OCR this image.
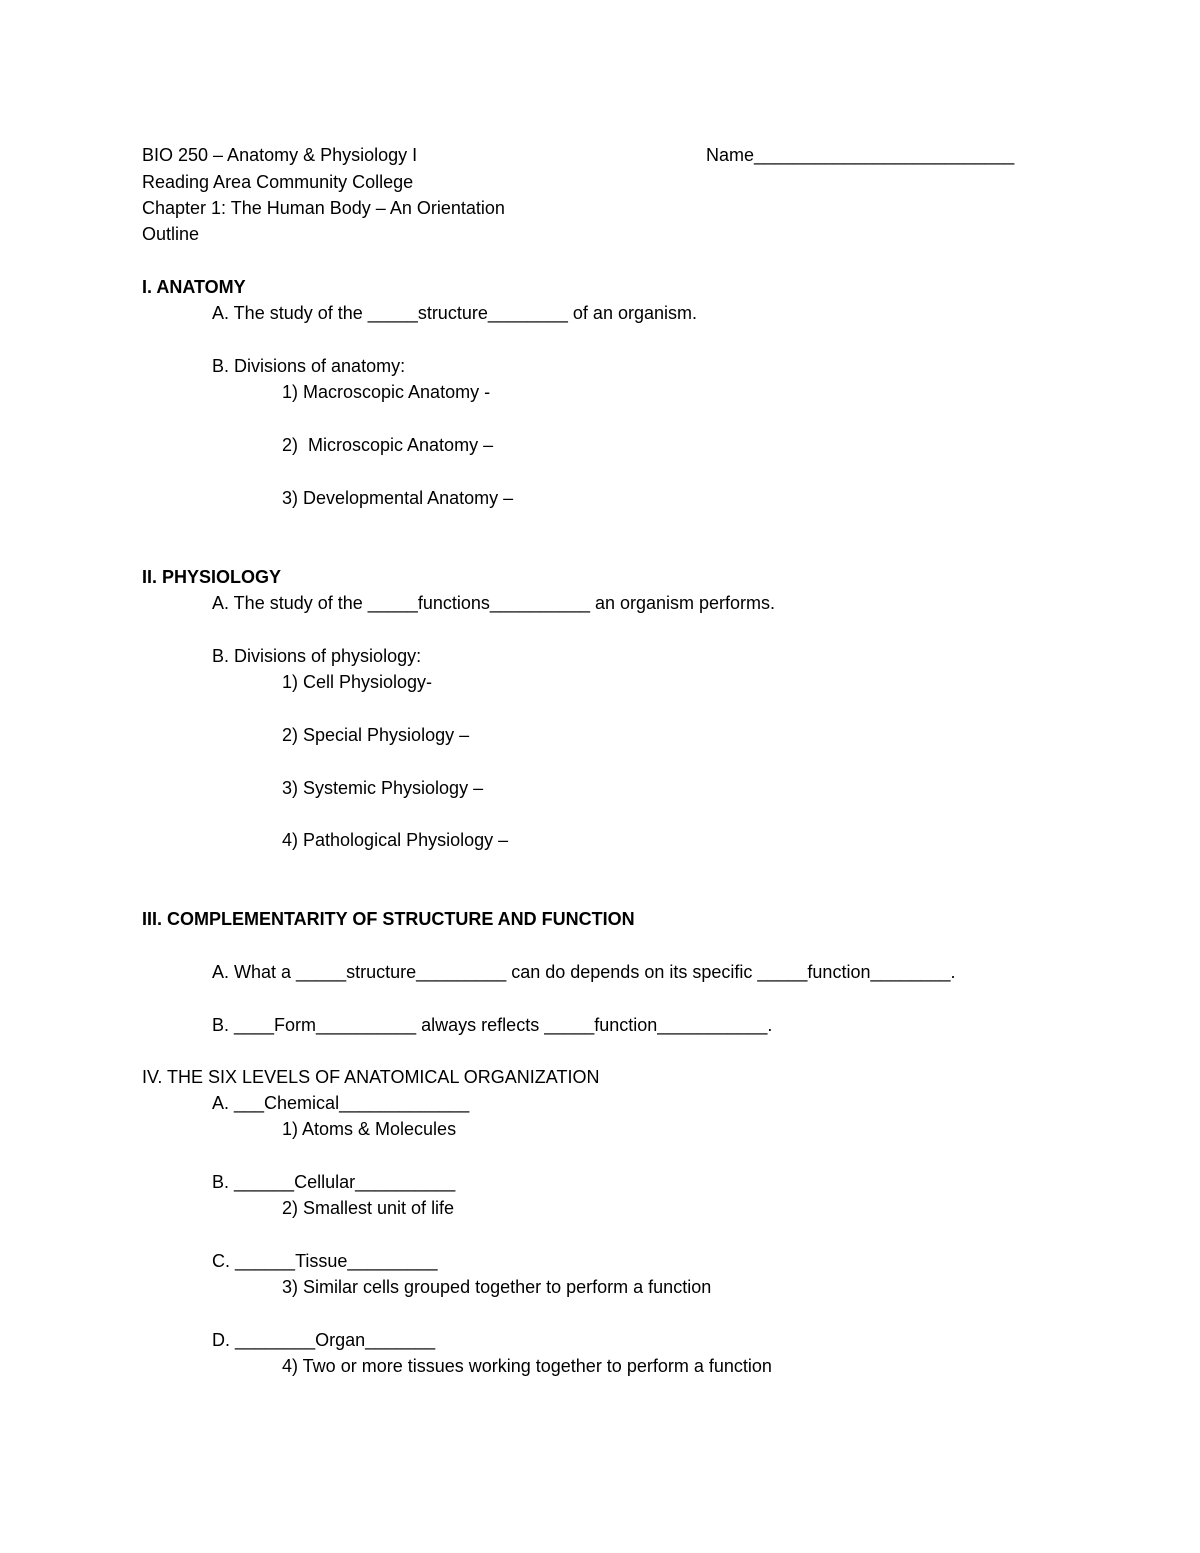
BIO 250 – Anatomy & Physiology I	Name__________________________
Reading Area Community College
Chapter 1: The Human Body – An Orientation
Outline
I. ANATOMY
A. The study of the _____structure________ of an organism.
B. Divisions of anatomy:
1) Macroscopic Anatomy -
2)  Microscopic Anatomy –
3) Developmental Anatomy –
II. PHYSIOLOGY
A. The study of the _____functions__________ an organism performs.
B. Divisions of physiology:
1) Cell Physiology-
2) Special Physiology –
3) Systemic Physiology –
4) Pathological Physiology –
III. COMPLEMENTARITY OF STRUCTURE AND FUNCTION
A. What a _____structure_________ can do depends on its specific _____function________.
B. ____Form__________ always reflects _____function___________.
IV. THE SIX LEVELS OF ANATOMICAL ORGANIZATION
A. ___Chemical_____________
1) Atoms & Molecules
B. ______Cellular__________
2) Smallest unit of life
C. ______Tissue_________
3) Similar cells grouped together to perform a function
D. ________Organ_______
4) Two or more tissues working together to perform a function
